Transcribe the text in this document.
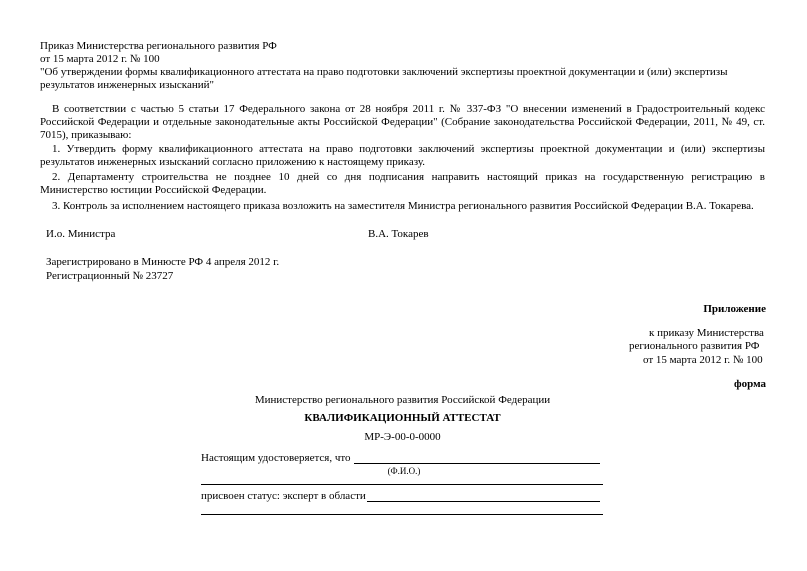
Приказ Министерства регионального развития РФ
от 15 марта 2012 г. № 100
"Об утверждении формы квалификационного аттестата на право подготовки заключений экспертизы проектной документации и (или) экспертизы
результатов инженерных изысканий"
В соответствии с частью 5 статьи 17 Федерального закона от 28 ноября 2011 г. № 337-ФЗ "О внесении изменений в Градостроительный кодекс
Российской Федерации и отдельные законодательные акты Российской Федерации" (Собрание законодательства Российской Федерации, 2011, № 49, ст.
7015), приказываю:
1. Утвердить форму квалификационного аттестата на право подготовки заключений экспертизы проектной документации и (или) экспертизы
результатов инженерных изысканий согласно приложению к настоящему приказу.
2. Департаменту строительства не позднее 10 дней со дня подписания направить настоящий приказ на государственную регистрацию в
Министерство юстиции Российской Федерации.
3. Контроль за исполнением настоящего приказа возложить на заместителя Министра регионального развития Российской Федерации В.А. Токарева.
И.о. Министра	В.А. Токарев
Зарегистрировано в Минюсте РФ 4 апреля 2012 г.
Регистрационный № 23727
Приложение
к приказу Министерства
регионального развития РФ
от 15 марта 2012 г. № 100
форма
Министерство регионального развития Российской Федерации
КВАЛИФИКАЦИОННЫЙ АТТЕСТАТ
МР-Э-00-0-0000
Настоящим удостоверяется, что
(Ф.И.О.)
присвоен статус: эксперт в области
